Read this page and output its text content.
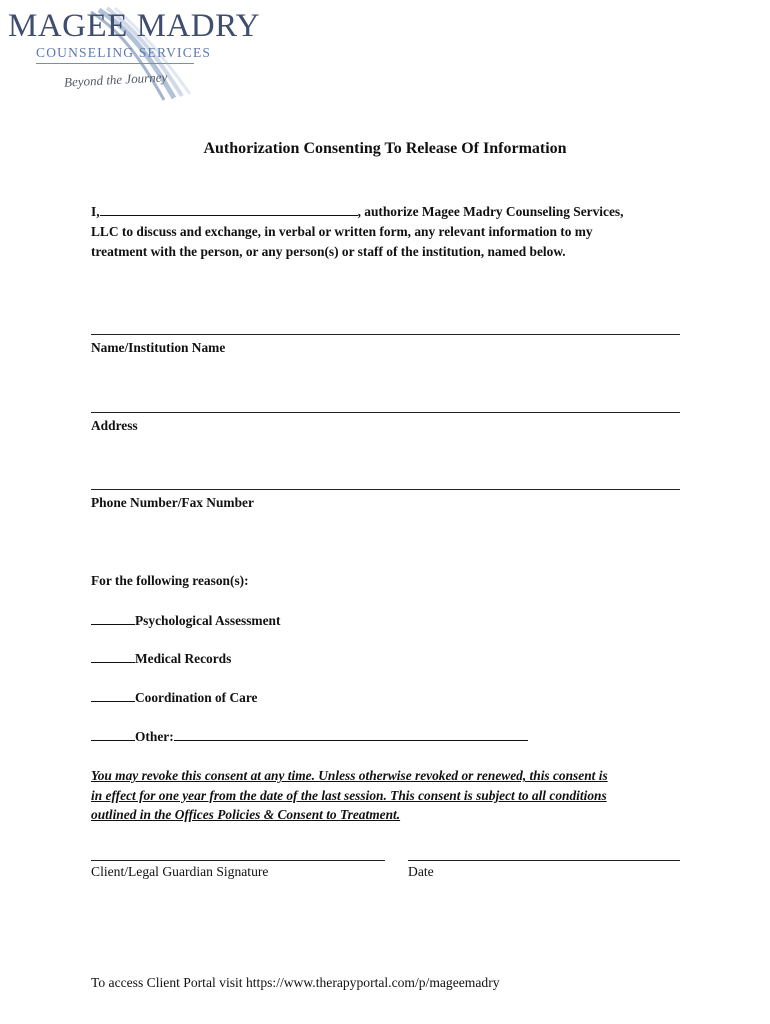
MAGEE MADRY
COUNSELING SERVICES
Beyond the Journey
Authorization Consenting To Release Of Information
I,	, authorize Magee Madry Counseling Services,
LLC to discuss and exchange, in verbal or written form, any relevant information to my
treatment with the person, or any person(s) or staff of the institution, named below.
Name/Institution Name
Address
Phone Number/Fax Number
For the following reason(s):
Psychological Assessment
Medical Records
Coordination of Care
Other:
You may revoke this consent at any time. Unless otherwise revoked or renewed, this consent is
in effect for one year from the date of the last session. This consent is subject to all conditions
outlined in the Offices Policies & Consent to Treatment.
Client/Legal Guardian Signature	Date
To access Client Portal visit https://www.therapyportal.com/p/mageemadry
